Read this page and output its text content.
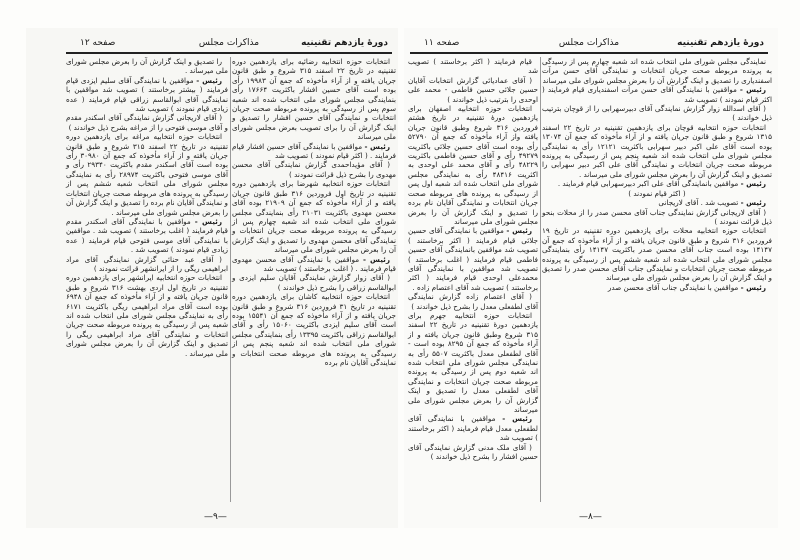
دورهٔ یازدهم تقنینیه
مذاکرات مجلس
صفحه ۱۲

انتخابات حوزه انتخابیه رضائیه برای یازدهمین دوره تقنینیه در تاریخ ۲۲ اسفند ۳۱۵ شروع و طبق قانون جریان یافته و از آراء مأخوذه که جمع آن ۱۹۹۸۳ رأی بوده است آقای حسین افشار باکثریت ۱۷۶۶۴ رأی بنمایندگی مجلس شورای ملی انتخاب شده اند شعبه سوم پس از رسیدگی به پرونده مربوطه صحت جریان انتخابات و نمایندگی آقای حسین افشار را تصدیق و اینک گزارش آن را برای تصویب بعرض مجلس شورای ملی میرساند

رئیس - مواقفین با نمایندگی آقای حسین افشار قیام فرمایند . ( اکثر قیام نمودند ) تصویب شد

( آقای مؤیداحمدی گزارش نمایندگی آقای محسن مهدوی را بشرح ذیل قرائت نمودند )

انتخابات حوزه انتخابیه شهرضا برای یازدهمین دوره تقنینیه در تاریخ اول فروردین ۳۱۶ طبق قانون جریان یافته و از آراء مأخوذه که جمع آن ۲۱۹۰۹ بوده آقای محسن مهدوی باکثریت ۲۱۰۳۱ رأی بنمایندگی مجلس شورای ملی انتخاب شده اند شعبه چهارم پس از رسیدگی به پرونده مربوطه صحت جریان انتخابات و نمایندگی آقای محسن مهدوی را تصدیق و اینک گزارش آن را بعرض مجلس شورای ملی میرساند

رئیس - مواقفین با نمایندگی آقای محسن مهدوی قیام فرمایند . ( اغلب برخاستند ) تصویب شد

( آقای زوار گزارش نمایندگی آقایان سلیم ایزدی و ابوالقاسم زراقی را بشرح ذیل خواندند )

انتخابات حوزه انتخابیه کاشان برای یازدهمین دوره تقنینیه در تاریخ ۳۱ فروردین ۳۱۶ شروع و طبق قانون جریان یافته و از آراء مأخوذه که جمع آن ۱۵۵۴۱ بوده است آقای سلیم ایزدی باکثریت ۱۵۰۶۰ رأی و آقای ابوالقاسم زراقی باکثریت ۱۳۳۹۵ رأی بنمایندگی مجلس شورای ملی انتخاب شده اند شعبه پنجم پس از رسیدگی به پرونده های مربوطه صحت انتخابات و نمایندگی آقایان نام برده

را تصدیق و اینک گزارش آن را بعرض مجلس شورای ملی میرساند .

رئیس - مواقفین با نمایندگی آقای سلیم ایزدی قیام فرمایند ( بیشتر برخاستند ) تصویب شد مواقفین با نمایندگی آقای ابوالقاسم زراقی قیام فرمایند ( عده زیادی قیام نمودند ) تصویب شد

( آقای لاریجانی گزارش نمایندگی آقای اسکندر مقدم و آقای موسی فتوحی را از مراغه بشرح ذیل خواندند )

انتخابات حوزه انتخابیه مراغه برای یازدهمین دوره تقنینیه در تاریخ ۲۲ اسفند ۳۱۵ شروع و طبق قانون جریان یافته و از آراء مأخوذه که جمع آن ۳۰۹۸۰ رأی بوده است آقای اسکندر مقدم باکثریت ۲۹۳۴۰ رأی و آقای موسی فتوحی باکثریت ۲۸۹۷۴ رأی به نمایندگی مجلس شورای ملی انتخاب شعبه ششم پس از رسیدگی به پرونده های مربوطه صحت جریان انتخابات و نمایندگی آقایان نام برده را تصدیق و اینک گزارش آن را بعرض مجلس شورای ملی میرساند .

رئیس - مواقفین با نمایندگی آقای اسکندر مقدم قیام فرمایند ( اغلب برخاستند ) تصویب شد . مواقفین با نمایندگی آقای موسی فتوحی قیام فرمایند ( عده زیادی قیام نمودند ) تصویب شد .

( آقای عبد حنائی گزارش نمایندگی آقای مراد ابراهیمی ریگی را از ایرانشهر قرائت نمودند )

انتخابات حوزه انتخابیه ایرانشهر برای یازدهمین دوره تقنینیه در تاریخ اول اردی بهشت ۳۱۶ شروع و طبق قانون جریان یافته و از آراء مأخوذه که جمع آن ۶۹۴۸ بوده است آقای مراد ابراهیمی ریگی باکثریت ۶۱۷۱ رأی به نمایندگی مجلس شورای ملی انتخاب شده اند شعبه پس از رسیدگی به پرونده مربوطه صحت جریان انتخابات و نمایندگی آقای مراد ابراهیمی ریگی را تصدیق و اینک گزارش آن را بعرض مجلس شورای ملی میرساند .

—۹—
دورهٔ یازدهم تقنینیه
مذاکرات مجلس
صفحه ۱۱

نمایندگی مجلس شورای ملی انتخاب شده اند شعبه چهارم پس از رسیدگی به پرونده مربوطه صحت جریان انتخابات و نمایندگی آقای حسن مرآت اسفندیاری را تصدیق و اینک گزارش آن را بعرض مجلس شورای ملی میرساند

رئیس - مواقفین با نمایندگی آقای حسن مرآت اسفندیاری قیام فرمایند ( اکثر قیام نمودند ) تصویب شد

( آقای اسدالله زوار گزارش نمایندگی آقای دبیرسهرابی را از قوچان بترتیب ذیل خواندند )

انتخابات حوزه انتخابیه قوچان برای یازدهمین تقنینیه در تاریخ ۲۲ اسفند ۱۳۱۵ شروع و طبق قانون جریان یافته و از آراء مأخوذه که جمع آن ۱۳۰۷۴ بوده است آقای علی اکبر دبیر سهرابی باکثریت ۱۲۱۲۱ رأی به نمایندگی مجلس شورای ملی انتخاب شده اند شعبه پنجم پس از رسیدگی به پرونده مربوطه صحت جریان انتخابات و نمایندگی آقای علی اکبر دبیر سهرابی را تصدیق و اینک گزارش آن را بعرض مجلس شورای ملی میرساند .

رئیس - مواقفین بانمایندگی آقای علی اکبر دبیرسهرابی قیام فرمایند .

( اکثر قیام نمودند )

رئیس - تصویب شد . آقای لاریجانی

( آقای لاریجانی گزارش نمایندگی جناب آقای محسن صدر را از محلات بنحو ذیل قرائت نمودند )

انتخابات حوزه انتخابیه محلات برای یازدهمین دوره تقنینیه در تاریخ ۱۹ فروردین ۳۱۶ شروع و طبق قانون جریان یافته و از آراء مأخوذه که جمع آن ۱۴۱۴۷ بوده است جناب آقای محسن صدر باکثریت ۱۴۱۴۷ رأی بنمایندگی مجلس شورای ملی انتخاب شده اند شعبه ششم پس از رسیدگی به پرونده مربوطه صحت جریان انتخابات و نمایندگی جناب آقای محسن صدر را تصدیق و اینک گزارش آن را بعرض مجلس شورای ملی میرساند

رئیس - مواقفین با نمایندگی جناب آقای محسن صدر

قیام فرمایند ( اکثر برخاستند ) تصویب شد

( آقای عمادیائی گزارش انتخابات آقایان حسین جلائی حسین فاطمی - محمد علی اوحدی را بترتیب ذیل خواندند )

انتخابات حوزه انتخابیه اصفهان برای یازدهمین دورهٔ تقنینیه در تاریخ هشتم فروردین ۳۱۶ شروع وطبق قانون جریان یافته واز آراء مأخوذه که جمع آن ۵۲۷۹۰ رأی بوده است آقای حسین جلائی باکثریت ۴۹۲۷۹ رأی و آقای حسین فاطمی باکثریت ۴۸۲۲۹ رأی و آقای محمد علی اوحدی به اکثریت ۴۸۴۱۶ رأی به نمایندگی مجلس شورای ملی انتخاب شده اند شعبه اول پس از رسیدگی به پرونده های مربوطه صحت جریان انتخابات و نمایندگی آقایان نام برده را تصدیق و اینک گزارش آن را بعرض مجلس شورای ملی میرساند

رئیس - مواقفین با نمایندگی آقای حسین جلائی قیام فرمایند ( اکثر برخاستند ) تصویب شد مواقفین بانمایندگی آقای حسین فاطمی قیام فرمایند ( اغلب برخاستند ) تصویب شد مواقفین با نمایندگی آقای محمدعلی اوحدی قیام فرمایند ( اکثر برخاستند ) تصویب شد آقای اعتصام زاده .

( آقای اعتصام زاده گزارش نمایندگی آقای لطفعلی معدل را بشرح ذیل خواندند )

انتخابات حوزه انتخابیه جهرم برای یازدهمین دورهٔ تقنینیه در تاریخ ۲۲ اسفند ۳۱۵ شروع وطبق قانون جریان یافته و از آراء مأخوذه که جمع آن ۸۲۹۵ بوده است - آقای لطفعلی معدل باکثریت ۵۵۰۷ رأی به نمایندگی مجلس شورای ملی انتخاب شده اند شعبه دوم پس از رسیدگی به پرونده مربوطه صحت جریان انتخابات و نمایندگی آقای لطفعلی معدل را تصدیق و اینک گزارش آن را بعرض مجلس شورای ملی میرساند

رئیس - مواقفین با نمایندگی آقای لطفعلی معدل قیام فرمایند ( اکثر برخاستند ) تصویب شد

( آقای ملک مدنی گزارش نمایندگی آقای حسین افشار را بشرح ذیل خواندند )

—۸—
